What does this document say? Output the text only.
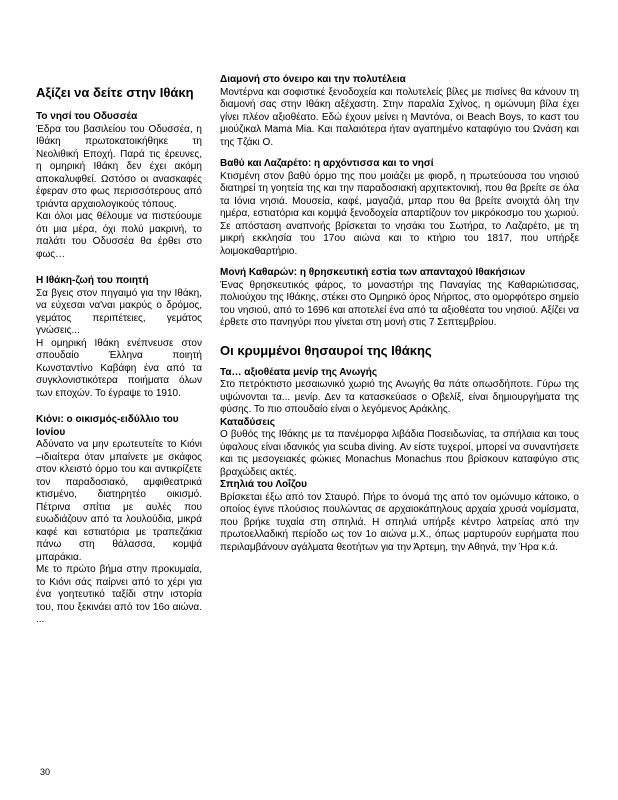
Αξίζει να δείτε στην Ιθάκη
Το νησί του Οδυσσέα

Έδρα του βασιλείου του Οδυσσέα, η Ιθάκη πρωτοκατοικήθηκε τη Νεολιθική Εποχή. Παρά τις έρευνες, η ομηρική Ιθάκη δεν έχει ακόμη αποκαλυφθεί. Ωστόσο οι ανασκαφές έφεραν στο φως περισσότερους από τριάντα αρχαιολογικούς τόπους.

Και όλοι μας θέλουμε να πιστεύουμε ότι μια μέρα, όχι πολύ μακρινή, το παλάτι του Οδυσσέα θα έρθει στο φως…

Η Ιθάκη-ζωή του ποιητή

Σα βγεις στον πηγαιμό για την Ιθάκη, να εύχεσαι να'ναι μακρύς ο δρόμος, γεμάτος περιπέτειες, γεμάτος γνώσεις...

Η ομηρική Ιθάκη ενέπνευσε στον σπουδαίο Έλληνα ποιητή Κωνσταντίνο Καβάφη ένα από τα συγκλονιστικότερα ποιήματα όλων των εποχών. Το έγραψε το 1910.

Κιόνι: ο οικισμός-ειδύλλιο του Ιονίου

Αδύνατο να μην ερωτευτείτε το Κιόνι –ιδιαίτερα όταν μπαίνετε με σκάφος στον κλειστό όρμο του και αντικρίζετε τον παραδοσιακό, αμφιθεατρικά κτισμένο, διατηρητέο οικισμό. Πέτρινα σπίτια με αυλές που ευωδιάζουν από τα λουλούδια, μικρά καφέ και εστιατόρια με τραπεζάκια πάνω στη θάλασσα, κομψά μπαράκια.

Με το πρώτο βήμα στην προκυμαία, το Κιόνι σάς παίρνει από το χέρι για ένα γοητευτικό ταξίδι στην ιστορία του, που ξεκινάει από τον 16ο αιώνα. ...

Διαμονή στο όνειρο και την πολυτέλεια

Μοντέρνα και σοφιστικέ ξενοδοχεία και πολυτελείς βίλες με πισίνες θα κάνουν τη διαμονή σας στην Ιθάκη αξέχαστη. Στην παραλία Σχίνος, η ομώνυμη βίλα έχει γίνει πλέον αξιοθέατο. Εδώ έχουν μείνει η Μαντόνα, οι Beach Boys, το καστ του μιούζικαλ Mama Mia. Και παλαιότερα ήταν αγαπημένο καταφύγιο του Ωνάση και της Τζάκι Ο.

Βαθύ και Λαζαρέτο: η αρχόντισσα και το νησί

Κτισμένη στον βαθύ όρμο της που μοιάζει με φιορδ, η πρωτεύουσα του νησιού διατηρεί τη γοητεία της και την παραδοσιακή αρχιτεκτονική, που θα βρείτε σε όλα τα Ιόνια νησιά. Μουσεία, καφέ, μαγαζιά, μπαρ που θα βρείτε ανοιχτά όλη την ημέρα, εστιατόρια και κομψά ξενοδοχεία απαρτίζουν τον μικρόκοσμο του χωριού. Σε απόσταση αναπνοής βρίσκεται το νησάκι του Σωτήρα, το Λαζαρέτο, με τη μικρή εκκλησία του 17ου αιώνα και το κτήριο του 1817, που υπήρξε λοιμοκαθαρτήριο.

Μονή Καθαρών: η θρησκευτική εστία των απανταχού Ιθακήσιων

Ένας θρησκευτικός φάρος, το μοναστήρι της Παναγίας της Καθαριώτισσας, πολιούχου της Ιθάκης, στέκει στο Ομηρικό όρος Νήριτος, στο ομορφότερο σημείο του νησιού, από το 1696 και αποτελεί ένα από τα αξιοθέατα του νησιού. Αξίζει να έρθετε στο πανηγύρι που γίνεται στη μονή στις 7 Σεπτεμβρίου.

Οι κρυμμένοι θησαυροί της Ιθάκης
Τα… αξιοθέατα μενίρ της Ανωγής

Στο πετρόκτιστο μεσαιωνικό χωριό της Ανωγής θα πάτε οπωσδήποτε. Γύρω της υψώνονται τα... μενίρ. Δεν τα κατασκεύασε ο Οβελίξ, είναι δημιουργήματα της φύσης. Το πιο σπουδαίο είναι ο λεγόμενος Αράκλης.

Καταδύσεις

Ο βυθός της Ιθάκης με τα πανέμορφα λιβάδια Ποσειδωνίας, τα σπήλαια και τους ύφαλους είναι ιδανικός για scuba diving. Αν είστε τυχεροί, μπορεί να συναντήσετε και τις μεσογειακές φώκιες Monachus Monachus που βρίσκουν καταφύγιο στις βραχώδεις ακτές.

Σπηλιά του Λοΐζου

Βρίσκεται έξω από τον Σταυρό. Πήρε το όνομά της από τον ομώνυμο κάτοικο, ο οποίος έγινε πλούσιος πουλώντας σε αρχαιοκάπηλους αρχαία χρυσά νομίσματα, που βρήκε τυχαία στη σπηλιά. Η σπηλιά υπήρξε κέντρο λατρείας από την πρωτοελλαδική περίοδο ως τον 1ο αιώνα μ.Χ., όπως μαρτυρούν ευρήματα που περιλαμβάνουν αγάλματα θεοτήτων για την Άρτεμη, την Αθηνά, την Ήρα κ.ά.

30
